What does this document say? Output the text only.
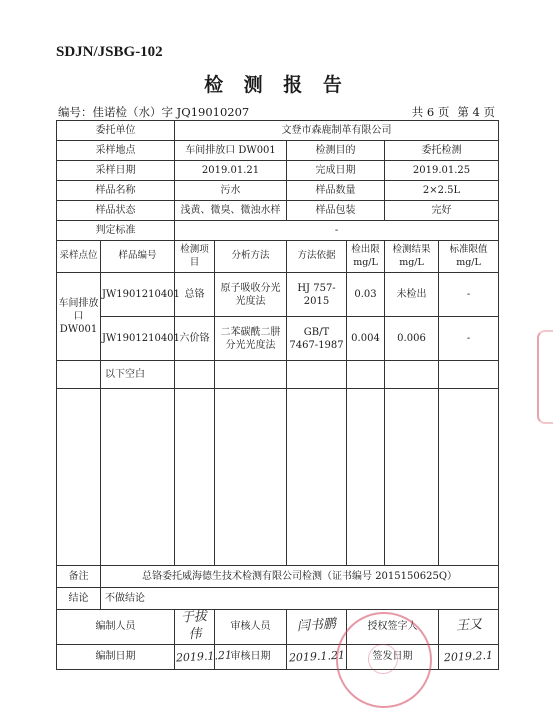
SDJN/JSBG-102
检 测 报 告
编号：佳诺检（水）字 JQ19010207	共 6 页 第 4 页
委托单位		文登市森鹿制革有限公司					
采样地点		车间排放口 DW001		检测目的		委托检测	
采样日期		2019.01.21		完成日期		2019.01.25	
样品名称		污水		样品数量		2×2.5L	
样品状态		浅黄、微臭、微浊水样		样品包装		完好	
判定标准		-					
采样点位	样品编号	检测项目	分析方法	方法依据	检出限 mg/L	检测结果 mg/L	标准限值 mg/L
车间排放口 DW001	JW1901210401	总铬	原子吸收分光光度法	HJ 757-2015	0.03	未检出	-
	JW1901210401	六价铬	二苯碳酰二肼分光光度法	GB/T 7467-1987	0.004	0.006	-
	以下空白						

备注	总铬委托威海德生技术检测有限公司检测（证书编号 2015150625Q）						
结论	不做结论						
编制人员		于拔伟	审核人员	闫书鹏	授权签字人		王又
编制日期		2019.1.21	审核日期	2019.1.21	签发日期		2019.2.1
